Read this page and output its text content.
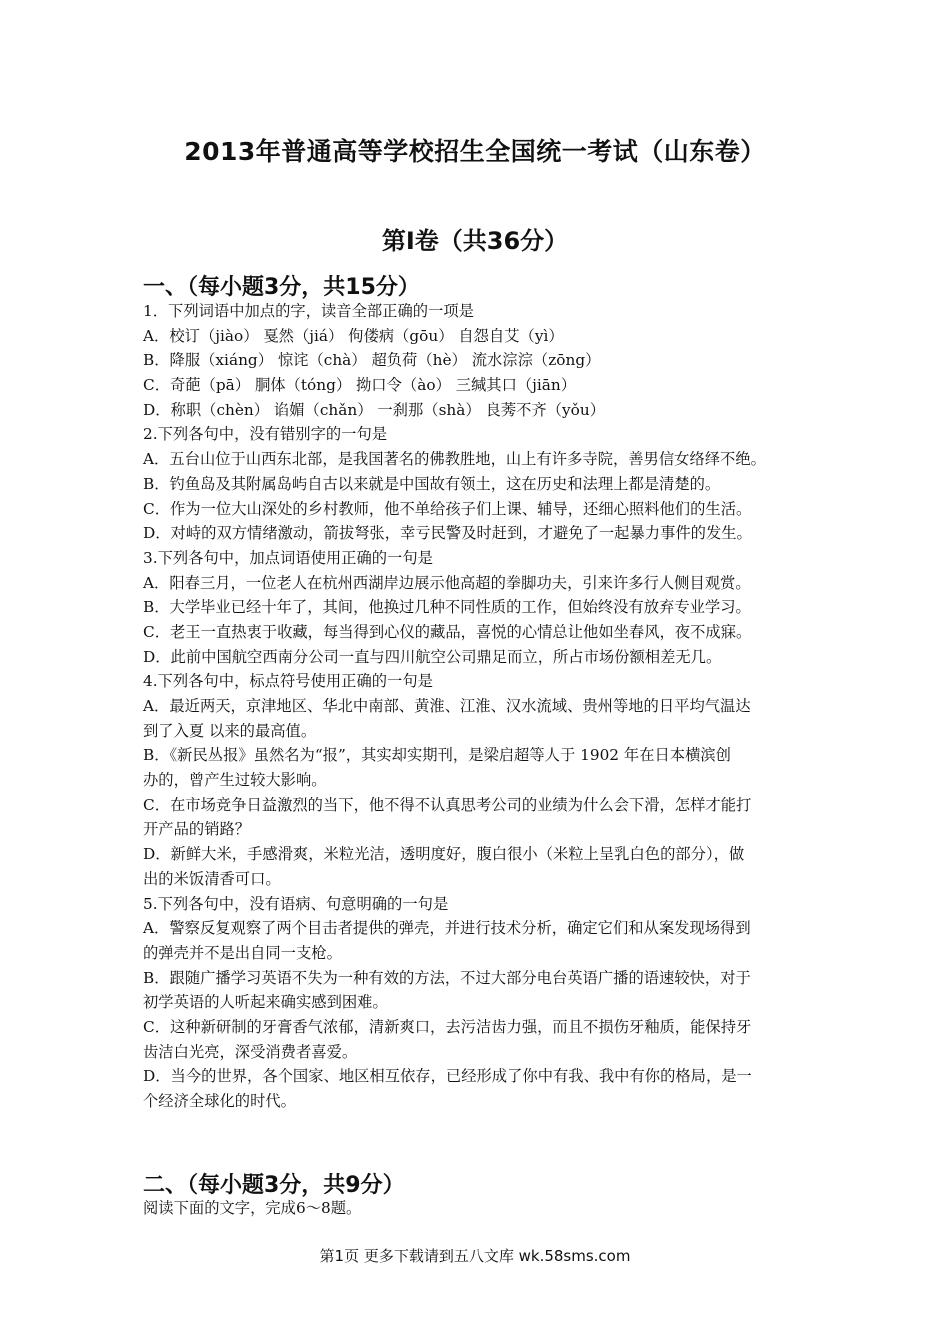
2013年普通高等学校招生全国统一考试（山东卷）
第Ⅰ卷（共36分）
一、（每小题3分，共15分）
1．下列词语中加点的字，读音全部正确的一项是
A．校订（jiào） 戛然（jiá） 佝偻病（gōu） 自怨自艾（yì）
B．降服（xiáng） 惊诧（chà） 超负荷（hè） 流水淙淙（zōng）
C．奇葩（pā） 胴体（tóng） 拗口令（ào） 三缄其口（jiān）
D．称职（chèn） 谄媚（chǎn） 一刹那（shà） 良莠不齐（yǒu）
2.下列各句中，没有错别字的一句是
A．五台山位于山西东北部，是我国著名的佛教胜地，山上有许多寺院，善男信女络绎不绝。
B．钓鱼岛及其附属岛屿自古以来就是中国故有领土，这在历史和法理上都是清楚的。
C．作为一位大山深处的乡村教师，他不单给孩子们上课、辅导，还细心照料他们的生活。
D．对峙的双方情绪激动，箭拔弩张，幸亏民警及时赶到，才避免了一起暴力事件的发生。
3.下列各句中，加点词语使用正确的一句是
A．阳春三月，一位老人在杭州西湖岸边展示他高超的拳脚功夫，引来许多行人侧目观赏。
B．大学毕业已经十年了，其间，他换过几种不同性质的工作，但始终没有放弃专业学习。
C．老王一直热衷于收藏，每当得到心仪的藏品，喜悦的心情总让他如坐春风，夜不成寐。
D．此前中国航空西南分公司一直与四川航空公司鼎足而立，所占市场份额相差无几。
4.下列各句中，标点符号使用正确的一句是
A．最近两天，京津地区、华北中南部、黄淮、江淮、汉水流域、贵州等地的日平均气温达
到了入夏 以来的最高值。
B．《新民丛报》虽然名为“报”，其实却实期刊，是梁启超等人于 1902 年在日本横滨创
办的，曾产生过较大影响。
C．在市场竞争日益激烈的当下，他不得不认真思考公司的业绩为什么会下滑，怎样才能打
开产品的销路？
D．新鲜大米，手感滑爽，米粒光洁，透明度好，腹白很小（米粒上呈乳白色的部分），做
出的米饭清香可口。
5.下列各句中，没有语病、句意明确的一句是
A．警察反复观察了两个目击者提供的弹壳，并进行技术分析，确定它们和从案发现场得到
的弹壳并不是出自同一支枪。
B．跟随广播学习英语不失为一种有效的方法，不过大部分电台英语广播的语速较快，对于
初学英语的人听起来确实感到困难。
C．这种新研制的牙膏香气浓郁，清新爽口，去污洁齿力强，而且不损伤牙釉质，能保持牙
齿洁白光亮，深受消费者喜爱。
D．当今的世界，各个国家、地区相互依存，已经形成了你中有我、我中有你的格局，是一
个经济全球化的时代。
二、（每小题3分，共9分）
阅读下面的文字，完成6～8题。
第1页 更多下载请到五八文库 wk.58sms.com
